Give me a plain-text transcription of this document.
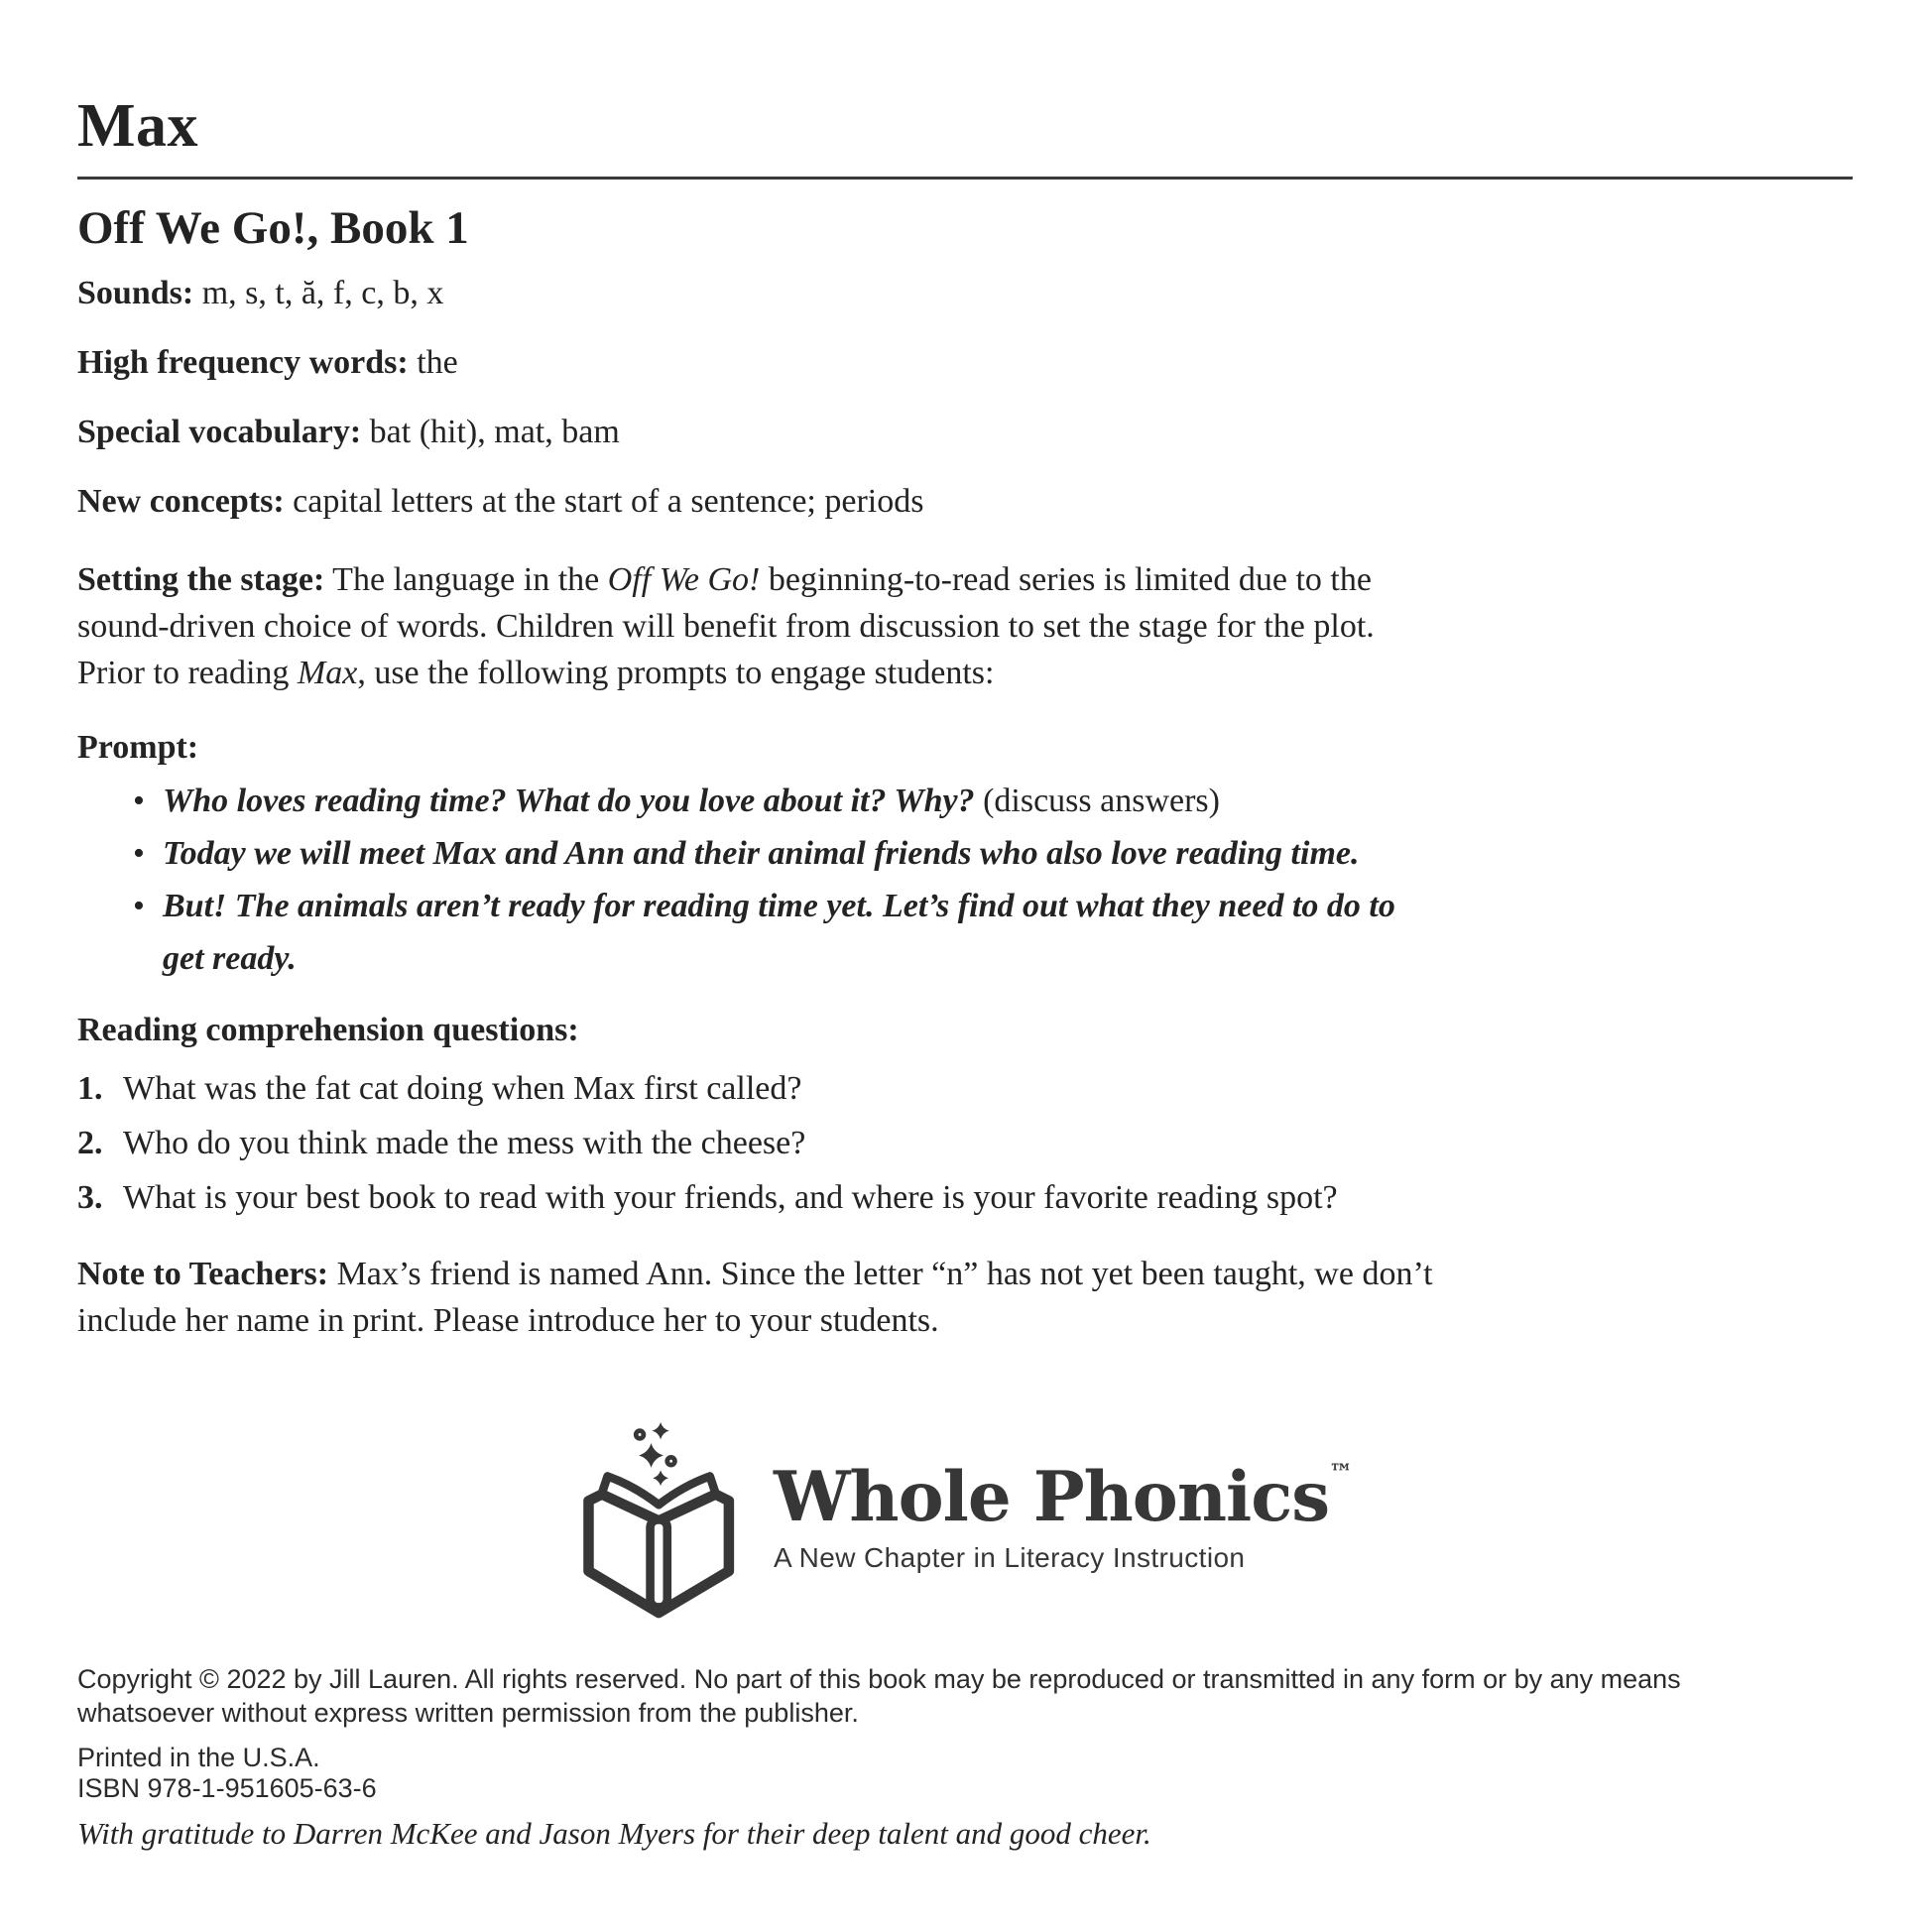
Max
Off We Go!, Book 1

Sounds: m, s, t, ă, f, c, b, x

High frequency words: the

Special vocabulary: bat (hit), mat, bam

New concepts: capital letters at the start of a sentence; periods

Setting the stage: The language in the Off We Go! beginning-to-read series is limited due to the
sound-driven choice of words. Children will benefit from discussion to set the stage for the plot.
Prior to reading Max, use the following prompts to engage students:

Prompt:

• Who loves reading time? What do you love about it? Why? (discuss answers)
• Today we will meet Max and Ann and their animal friends who also love reading time.
• But! The animals aren’t ready for reading time yet. Let’s find out what they need to do to
get ready.

Reading comprehension questions:

1. What was the fat cat doing when Max first called?
2. Who do you think made the mess with the cheese?
3. What is your best book to read with your friends, and where is your favorite reading spot?

Note to Teachers: Max’s friend is named Ann. Since the letter “n” has not yet been taught, we don’t
include her name in print. Please introduce her to your students.

Whole Phonics™
A New Chapter in Literacy Instruction

Copyright © 2022 by Jill Lauren. All rights reserved. No part of this book may be reproduced or transmitted in any form or by any means
whatsoever without express written permission from the publisher.

Printed in the U.S.A.
ISBN 978-1-951605-63-6

With gratitude to Darren McKee and Jason Myers for their deep talent and good cheer.
